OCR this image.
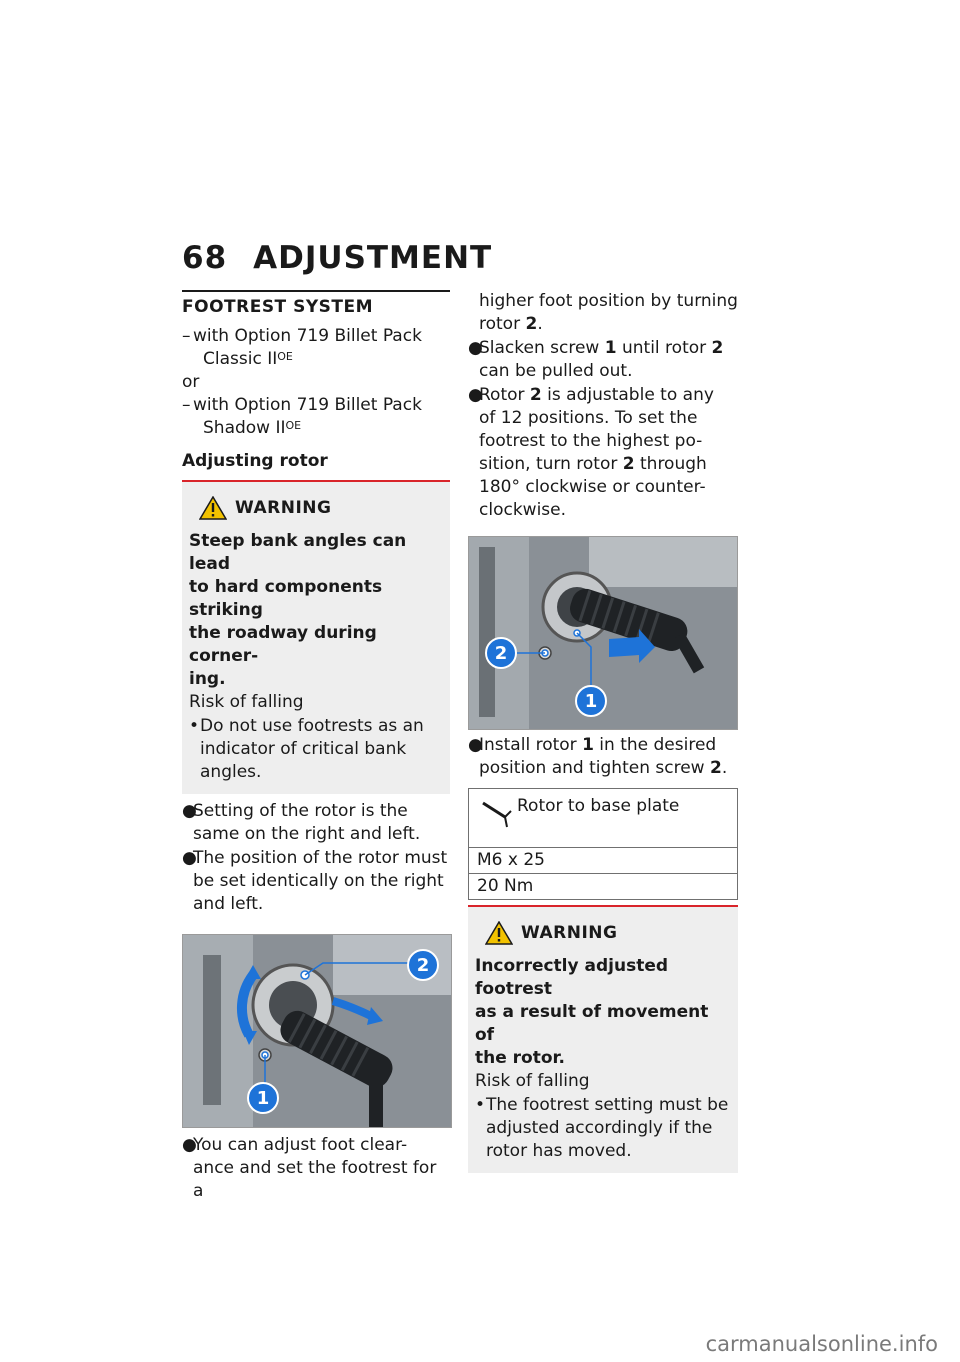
68 ADJUSTMENT
FOOTREST SYSTEM
– with Option 719 Billet Pack
Classic $II^{OE}$
or
– with Option 719 Billet Pack
Shadow $II^{OE}$
Adjusting rotor
WARNING
Steep bank angles can lead
to hard components striking
the roadway during corner-
ing.
Risk of falling
• Do not use footrests as an
indicator of critical bank
angles.
●
Setting of the rotor is the
same on the right and left.
●
The position of the rotor must
be set identically on the right
and left.
2
1
●
You can adjust foot clear-
ance and set the footrest for a
higher foot position by turning
rotor 2.
●
Slacken screw 1 until rotor 2
can be pulled out.
●
Rotor 2 is adjustable to any
of 12 positions. To set the
footrest to the highest po-
sition, turn rotor 2 through
180° clockwise or counter-
clockwise.
2
1
●
Install rotor 1 in the desired
position and tighten screw 2.
Rotor to base plate
M6 x 25
20 Nm
WARNING
Incorrectly adjusted footrest
as a result of movement of
the rotor.
Risk of falling
• The footrest setting must be
adjusted accordingly if the
rotor has moved.
carmanualsonline.info
